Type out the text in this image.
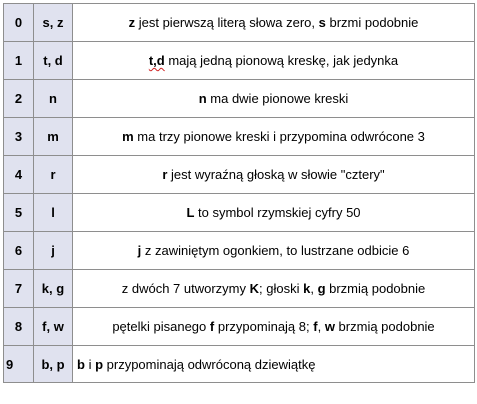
0	s, z	z jest pierwszą literą słowa zero, s brzmi podobnie
1	t, d	t,d mają jedną pionową kreskę, jak jedynka
2	n	n ma dwie pionowe kreski
3	m	m ma trzy pionowe kreski i przypomina odwrócone 3
4	r	r jest wyraźną głoską w słowie "cztery"
5	l	L to symbol rzymskiej cyfry 50
6	j	j z zawiniętym ogonkiem, to lustrzane odbicie 6
7	k, g	z dwóch 7 utworzymy K; głoski k, g brzmią podobnie
8	f, w	pętelki pisanego f przypominają 8; f, w brzmią podobnie
9	b, p	b i p przypominają odwróconą dziewiątkę
